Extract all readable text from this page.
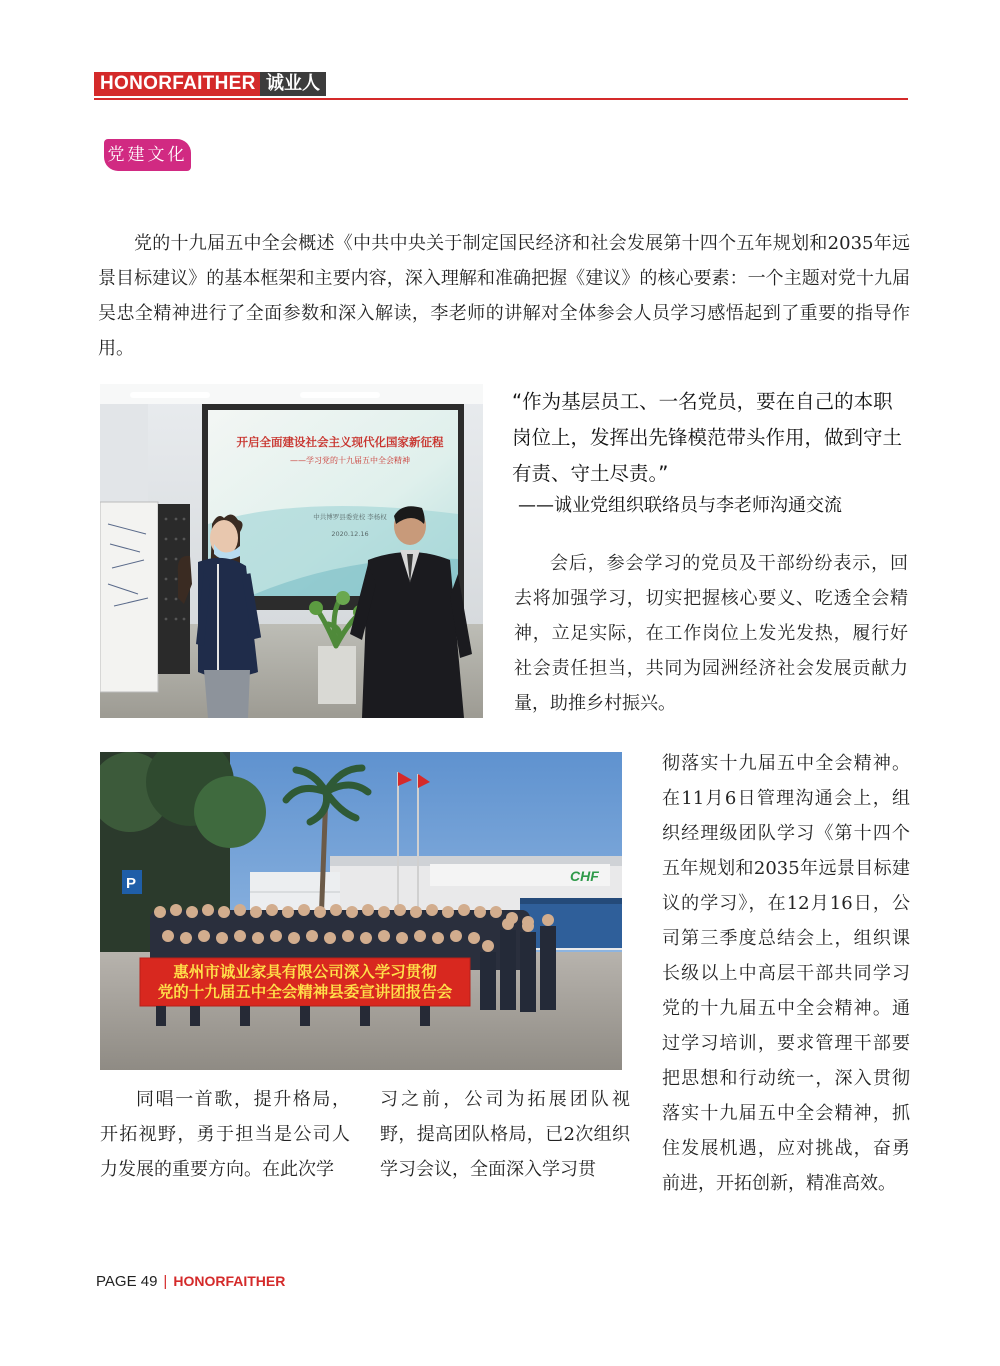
HONORFAITHER 诚业人
党建文化

党的十九届五中全会概述《中共中央关于制定国民经济和社会发展第十四个五年规划和2035年远景目标建议》的基本框架和主要内容，深入理解和准确把握《建议》的核心要素：一个主题对党十九届吴忠全精神进行了全面参数和深入解读，李老师的讲解对全体参会人员学习感悟起到了重要的指导作用。

开启全面建设社会主义现代化国家新征程
——学习党的十九届五中全会精神
中共博罗县委党校 李杨权
2020.12.16

“作为基层员工、一名党员，要在自己的本职岗位上，发挥出先锋模范带头作用，做到守土有责、守土尽责。”

——诚业党组织联络员与李老师沟通交流

会后，参会学习的党员及干部纷纷表示，回去将加强学习，切实把握核心要义、吃透全会精神，立足实际，在工作岗位上发光发热，履行好社会责任担当，共同为园洲经济社会发展贡献力量，助推乡村振兴。

CHF
P
惠州市诚业家具有限公司深入学习贯彻
党的十九届五中全会精神县委宣讲团报告会

彻落实十九届五中全会精神。在11月6日管理沟通会上，组织经理级团队学习《第十四个五年规划和2035年远景目标建议的学习》，在12月16日，公司第三季度总结会上，组织课长级以上中高层干部共同学习党的十九届五中全会精神。通过学习培训，要求管理干部要把思想和行动统一，深入贯彻落实十九届五中全会精神，抓住发展机遇，应对挑战，奋勇前进，开拓创新，精准高效。

同唱一首歌，提升格局，开拓视野，勇于担当是公司人力发展的重要方向。在此次学

习之前，公司为拓展团队视野，提高团队格局，已2次组织学习会议，全面深入学习贯

PAGE 49 | HONORFAITHER
